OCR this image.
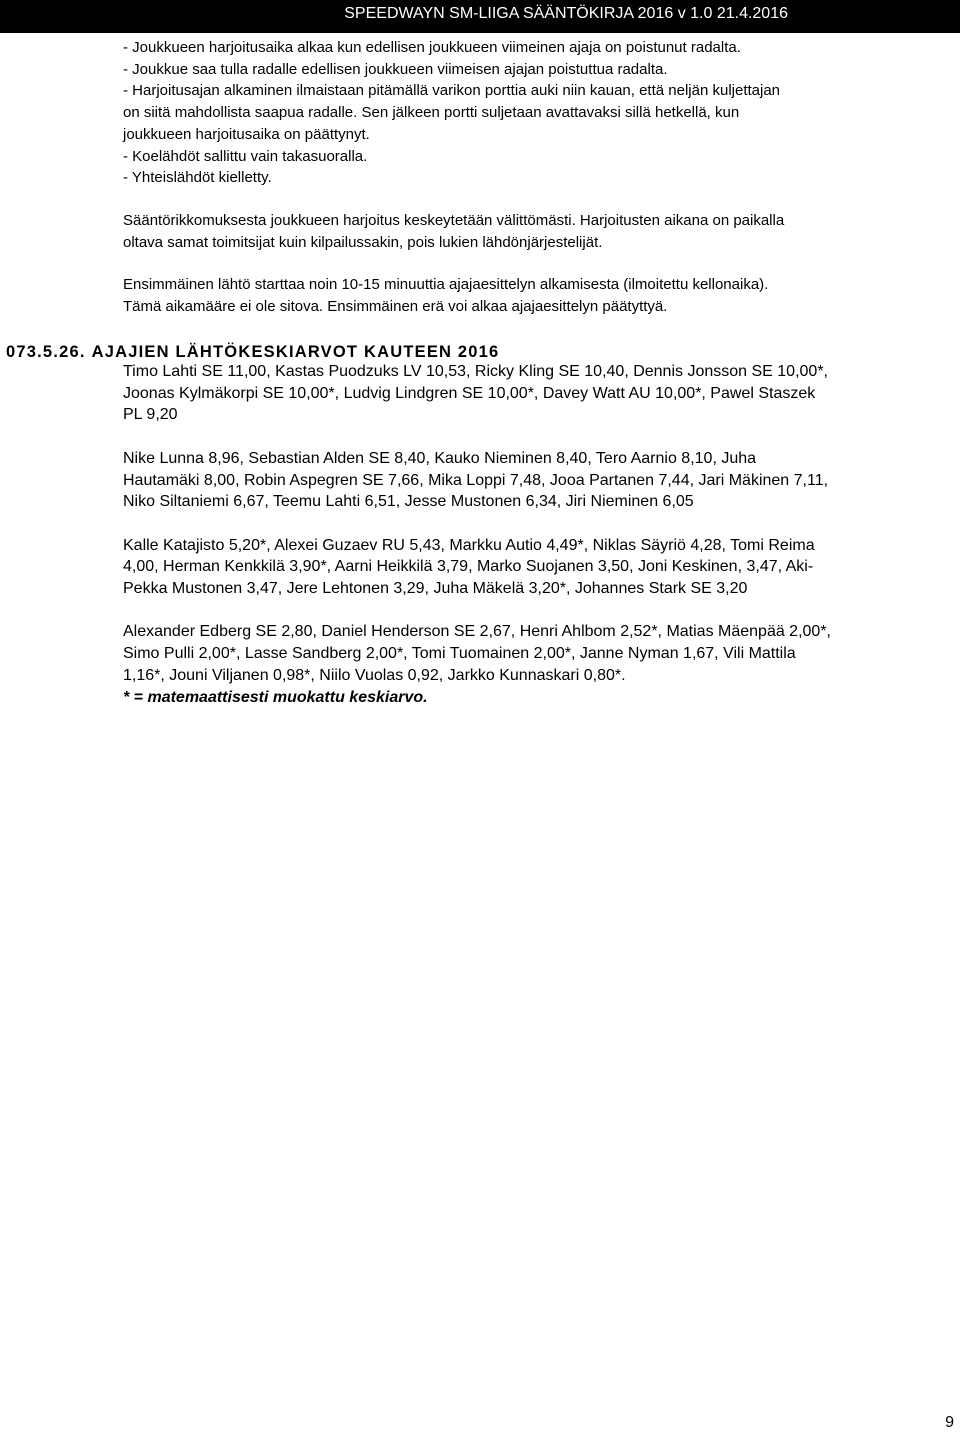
SPEEDWAYN SM-LIIGA SÄÄNTÖKIRJA 2016 v 1.0 21.4.2016

- Joukkueen harjoitusaika alkaa kun edellisen joukkueen viimeinen ajaja on poistunut radalta.

- Joukkue saa tulla radalle edellisen joukkueen viimeisen ajajan poistuttua radalta.

- Harjoitusajan alkaminen ilmaistaan pitämällä varikon porttia auki niin kauan, että neljän kuljettajan

on siitä mahdollista saapua radalle. Sen jälkeen portti suljetaan avattavaksi sillä hetkellä, kun

joukkueen harjoitusaika on päättynyt.

- Koelähdöt sallittu vain takasuoralla.

- Yhteislähdöt kielletty.

Sääntörikkomuksesta joukkueen harjoitus keskeytetään välittömästi. Harjoitusten aikana on paikalla

oltava samat toimitsijat kuin kilpailussakin, pois lukien lähdönjärjestelijät.

Ensimmäinen lähtö starttaa noin 10-15 minuuttia ajajaesittelyn alkamisesta (ilmoitettu kellonaika).

Tämä aikamääre ei ole sitova. Ensimmäinen erä voi alkaa ajajaesittelyn päätyttyä.

073.5.26. AJAJIEN LÄHTÖKESKIARVOT KAUTEEN 2016

Timo Lahti SE 11,00, Kastas Puodzuks LV 10,53, Ricky Kling SE 10,40, Dennis Jonsson SE 10,00*,

Joonas Kylmäkorpi SE 10,00*, Ludvig Lindgren SE 10,00*, Davey Watt AU 10,00*, Pawel Staszek

PL 9,20

Nike Lunna 8,96, Sebastian Alden SE 8,40, Kauko Nieminen 8,40, Tero Aarnio 8,10, Juha

Hautamäki 8,00, Robin Aspegren SE 7,66, Mika Loppi 7,48, Jooa Partanen 7,44, Jari Mäkinen 7,11,

Niko Siltaniemi 6,67, Teemu Lahti 6,51, Jesse Mustonen 6,34, Jiri Nieminen 6,05

Kalle Katajisto 5,20*, Alexei Guzaev RU 5,43, Markku Autio 4,49*, Niklas Säyriö 4,28, Tomi Reima

4,00, Herman Kenkkilä 3,90*, Aarni Heikkilä 3,79, Marko Suojanen 3,50, Joni Keskinen, 3,47, Aki-

Pekka Mustonen 3,47, Jere Lehtonen 3,29, Juha Mäkelä 3,20*, Johannes Stark SE 3,20

Alexander Edberg SE 2,80, Daniel Henderson SE 2,67, Henri Ahlbom 2,52*, Matias Mäenpää 2,00*,

Simo Pulli 2,00*, Lasse Sandberg 2,00*, Tomi Tuomainen 2,00*, Janne Nyman 1,67, Vili Mattila

1,16*, Jouni Viljanen 0,98*, Niilo Vuolas 0,92, Jarkko Kunnaskari 0,80*.

* = matemaattisesti muokattu keskiarvo.

9
